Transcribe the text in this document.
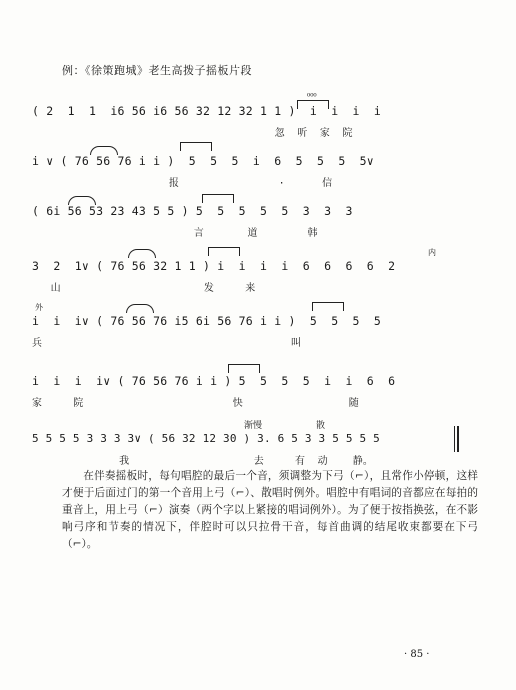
例：《徐策跑城》老生高拨子摇板片段
⁰⁰⁰
( 2  1  1  i6 56 i6 56 32 12 32 1 1 )  i  i  i  i
忽  听  家  院
i ∨ ( 76 56 76 i i )  5  5  5  i  6  5  5  5  5∨
报                ·      信
( 6i 56 53 23 43 5 5 ) 5  5  5  5  5  3  3  3
言       道        韩
内
3  2  1∨ ( 76 56 32 1 1 ) i  i  i  i  6  6  6  6  2
山                       发     来
外
i  i  i∨ ( 76 56 76 i5 6i 56 76 i i )  5  5  5  5
兵                                        叫
i  i  i  i∨ ( 76 56 76 i i ) 5  5  5  5  i  i  6  6
家     院                        快                 随
渐慢	散
5 5 5 5 3 3 3 3∨ ( 56 32 12 30 ) 3. 6 5 3 3 5 5 5 5
我                    去     有  动    静。

在伴奏摇板时，每句唱腔的最后一个音，须调整为下弓（⌐），且常作小停顿，这样才便于后面过门的第一个音用上弓（⌐）、散唱时例外。唱腔中有唱词的音都应在每拍的重音上，用上弓（⌐）演奏（两个字以上紧接的唱词例外）。为了便于按指换弦，在不影响弓序和节奏的情况下，伴腔时可以只拉骨干音，每首曲调的结尾收束都要在下弓（⌐）。

· 85 ·
